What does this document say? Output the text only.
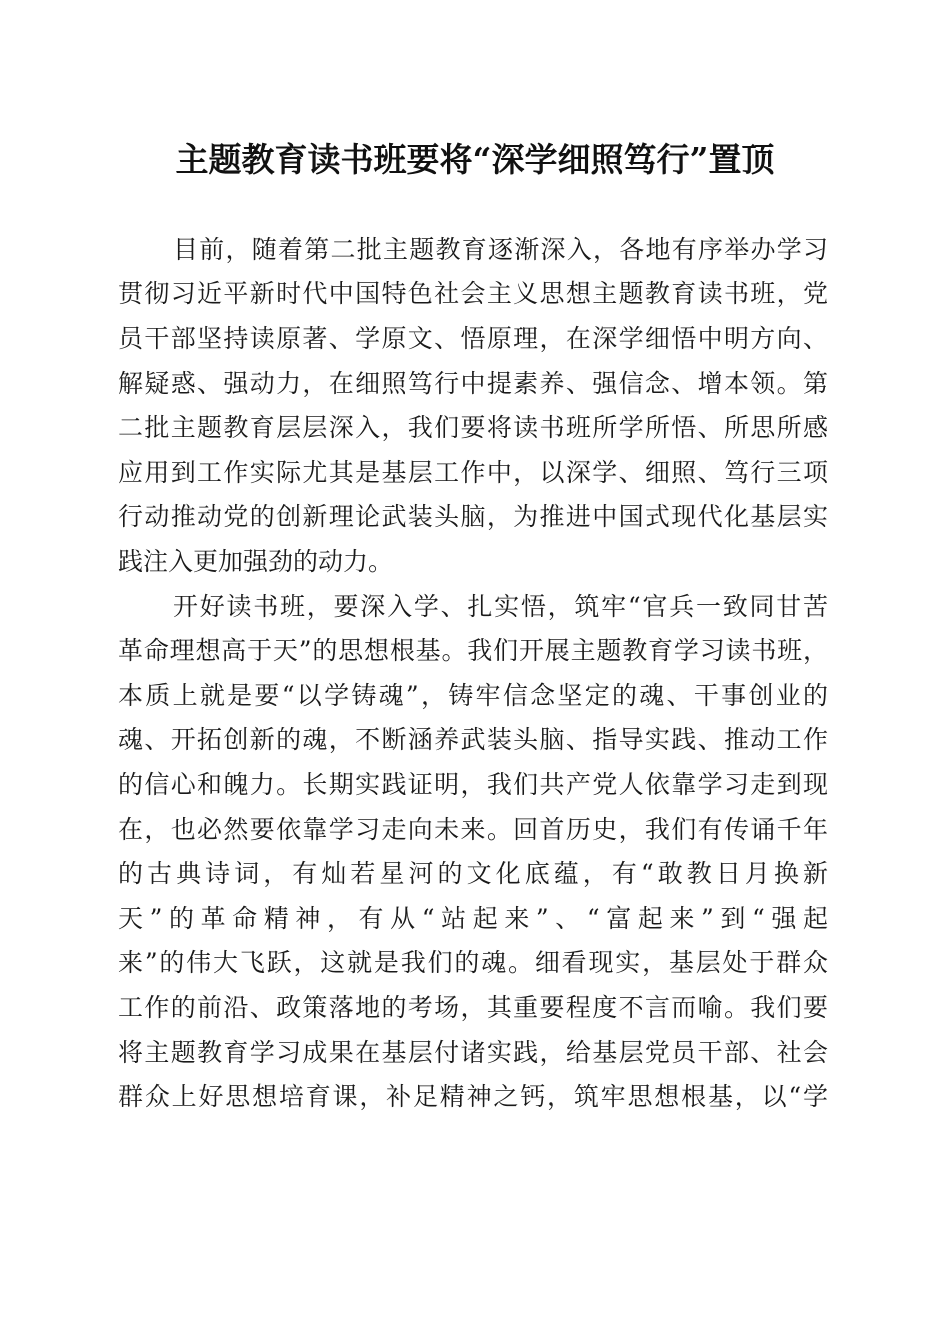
主题教育读书班要将“深学细照笃行”置顶
目前，随着第二批主题教育逐渐深入，各地有序举办学习
贯彻习近平新时代中国特色社会主义思想主题教育读书班，党
员干部坚持读原著、学原文、悟原理，在深学细悟中明方向、
解疑惑、强动力，在细照笃行中提素养、强信念、增本领。第
二批主题教育层层深入，我们要将读书班所学所悟、所思所感
应用到工作实际尤其是基层工作中，以深学、细照、笃行三项
行动推动党的创新理论武装头脑，为推进中国式现代化基层实
践注入更加强劲的动力。
开好读书班，要深入学、扎实悟，筑牢“官兵一致同甘苦
革命理想高于天”的思想根基。我们开展主题教育学习读书班，
本质上就是要“以学铸魂”，铸牢信念坚定的魂、干事创业的
魂、开拓创新的魂，不断涵养武装头脑、指导实践、推动工作
的信心和魄力。长期实践证明，我们共产党人依靠学习走到现
在，也必然要依靠学习走向未来。回首历史，我们有传诵千年
的古典诗词，有灿若星河的文化底蕴，有“敢教日月换新
天”的革命精神，有从“站起来”、“富起来”到“强起
来”的伟大飞跃，这就是我们的魂。细看现实，基层处于群众
工作的前沿、政策落地的考场，其重要程度不言而喻。我们要
将主题教育学习成果在基层付诸实践，给基层党员干部、社会
群众上好思想培育课，补足精神之钙，筑牢思想根基，以“学
